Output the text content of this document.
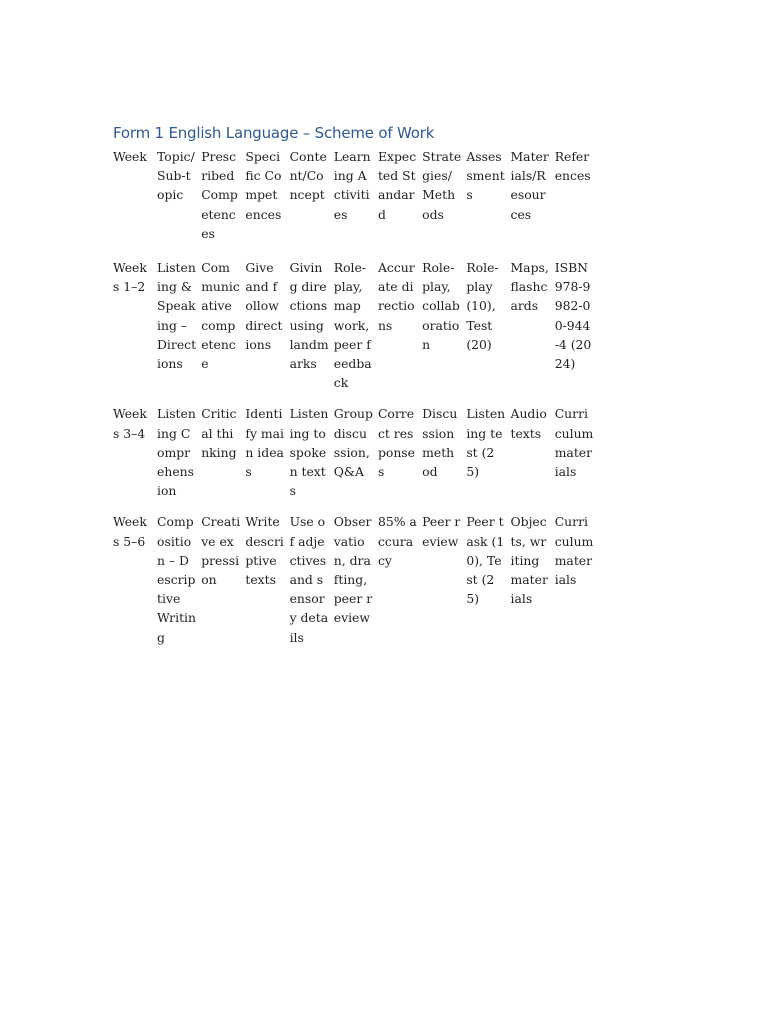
Form 1 English Language – Scheme of Work
Week	Topic/Sub-topic	Prescribed Competences	Specific Competences	Content/Concept	Learning Activities	Expected Standard	Strategies/Methods	Assessments	Materials/Resources	References
Weeks 1–2	Listening & Speaking – Directions	Communicative competence	Give and follow directions	Giving directions using landmarks	Role-play, map work, peer feedback	Accurate directions	Role-play, collaboration	Role-play (10), Test (20)	Maps, flashcards	ISBN 978-9982-00-944-4 (2024)
Weeks 3–4	Listening Comprehension	Critical thinking	Identify main ideas	Listening to spoken texts	Group discussion, Q&A	Correct responses	Discussion method	Listening test (25)	Audio texts	Curriculum materials
Weeks 5–6	Composition – Descriptive Writing	Creative expression	Write descriptive texts	Use of adjectives and sensory details	Observation, drafting, peer review	85% accuracy	Peer review	Peer task (10), Test (25)	Objects, writing materials	Curriculum materials
